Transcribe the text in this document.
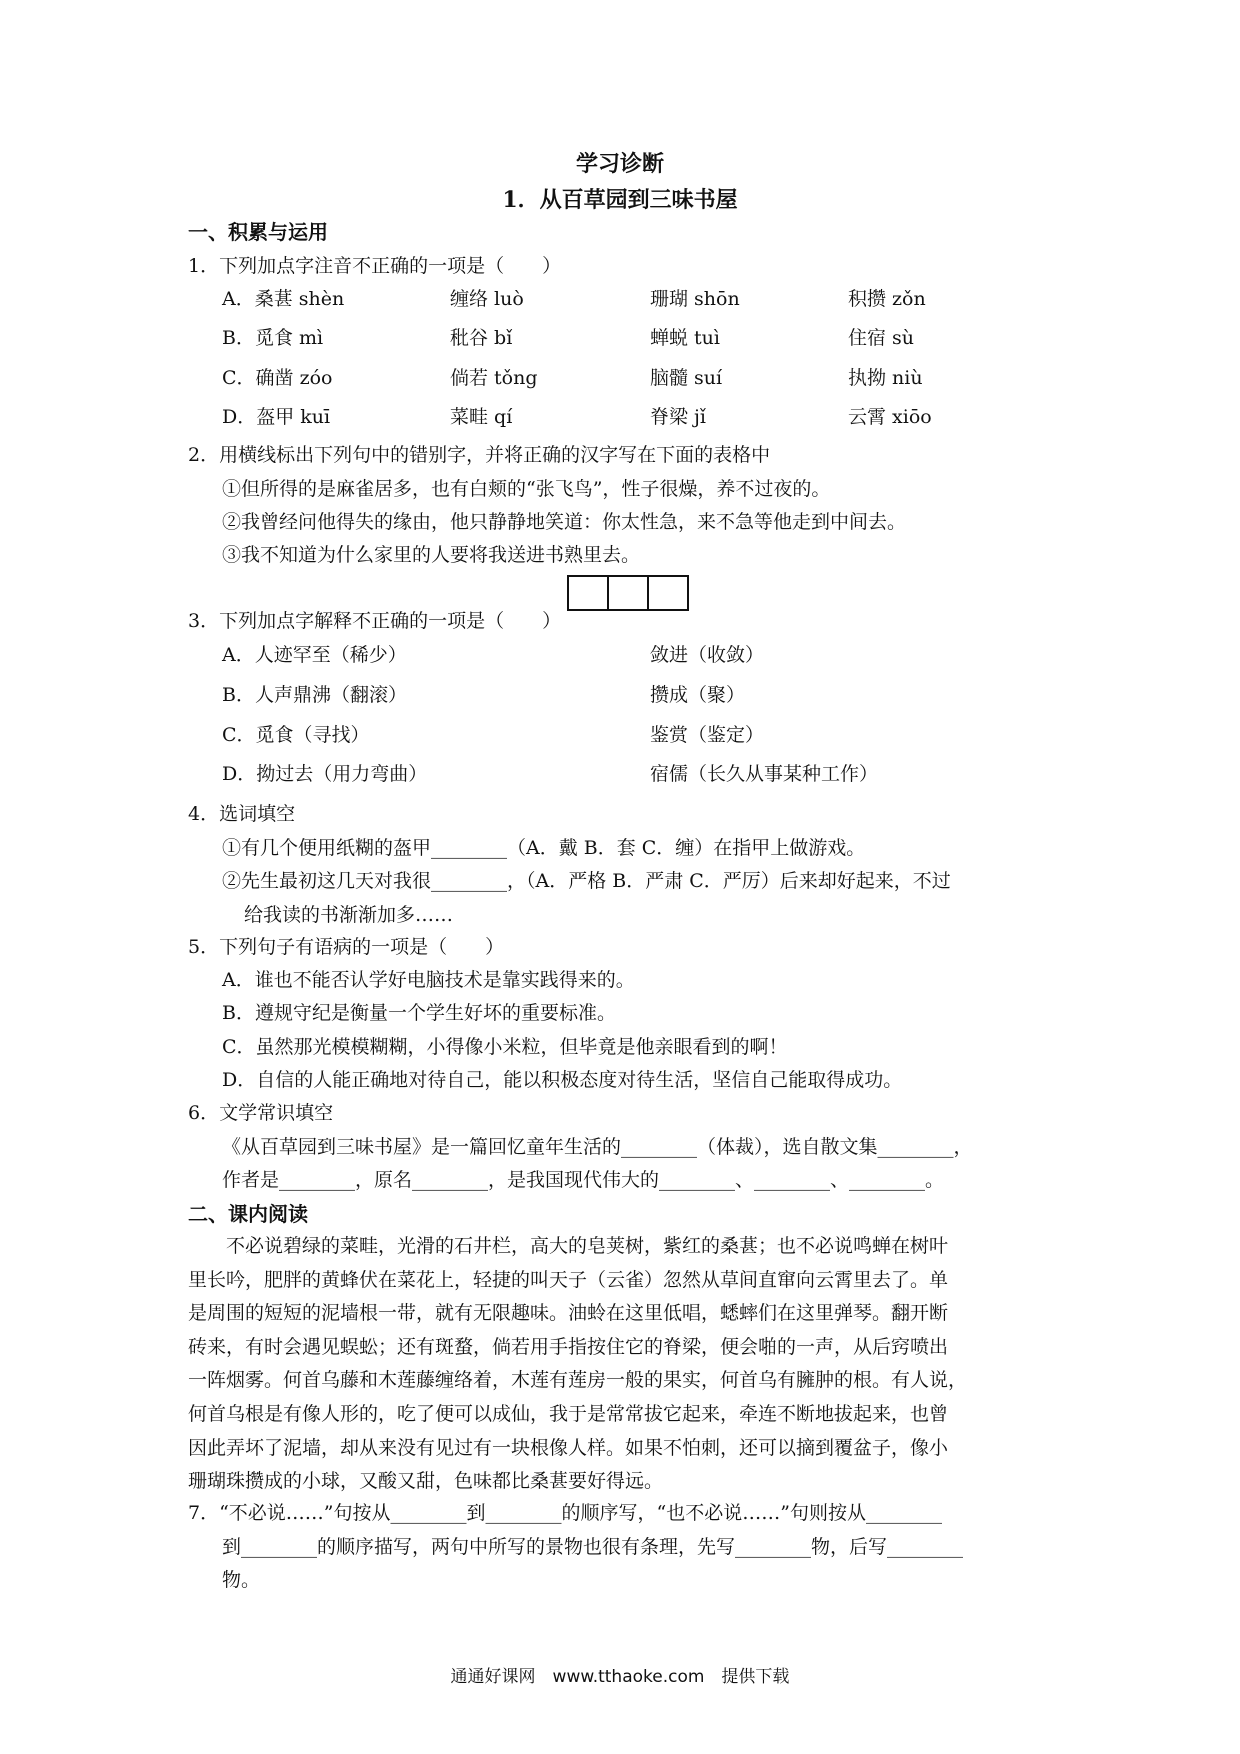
学习诊断
1．从百草园到三味书屋
一、积累与运用
1．下列加点字注音不正确的一项是（　　）
A．桑葚 shèn	缠络 luò	珊瑚 shōn	积攒 zǒn
B．觅食 mì	秕谷 bǐ	蝉蜕 tuì	住宿 sù
C．确凿 zóo	倘若 tǒng	脑髓 suí	执拗 niù
D．盔甲 kuī	菜畦 qí	脊梁 jǐ	云霄 xiōo
2．用横线标出下列句中的错别字，并将正确的汉字写在下面的表格中
①但所得的是麻雀居多，也有白颊的“张飞鸟”，性子很燥，养不过夜的。
②我曾经问他得失的缘由，他只静静地笑道：你太性急，来不急等他走到中间去。
③我不知道为什么家里的人要将我送进书熟里去。
3．下列加点字解释不正确的一项是（　　）
A．人迹罕至（稀少）	敛进（收敛）
B．人声鼎沸（翻滚）	攒成（聚）
C．觅食（寻找）	鉴赏（鉴定）
D．拗过去（用力弯曲）	宿儒（长久从事某种工作）
4．选词填空
①有几个便用纸糊的盔甲________（A．戴 B．套 C．缠）在指甲上做游戏。
②先生最初这几天对我很________，（A．严格 B．严肃 C．严厉）后来却好起来，不过
给我读的书渐渐加多……
5．下列句子有语病的一项是（　　）
A．谁也不能否认学好电脑技术是靠实践得来的。
B．遵规守纪是衡量一个学生好坏的重要标准。
C．虽然那光模模糊糊，小得像小米粒，但毕竟是他亲眼看到的啊！
D．自信的人能正确地对待自己，能以积极态度对待生活，坚信自己能取得成功。
6．文学常识填空
《从百草园到三味书屋》是一篇回忆童年生活的________（体裁），选自散文集________，
作者是________，原名________，是我国现代伟大的________、________、________。
二、课内阅读

不必说碧绿的菜畦，光滑的石井栏，高大的皂荚树，紫红的桑葚；也不必说鸣蝉在树叶

里长吟，肥胖的黄蜂伏在菜花上，轻捷的叫天子（云雀）忽然从草间直窜向云霄里去了。单

是周围的短短的泥墙根一带，就有无限趣味。油蛉在这里低唱，蟋蟀们在这里弹琴。翻开断

砖来，有时会遇见蜈蚣；还有斑蝥，倘若用手指按住它的脊梁，便会啪的一声，从后窍喷出

一阵烟雾。何首乌藤和木莲藤缠络着，木莲有莲房一般的果实，何首乌有臃肿的根。有人说，

何首乌根是有像人形的，吃了便可以成仙，我于是常常拔它起来，牵连不断地拔起来，也曾

因此弄坏了泥墙，却从来没有见过有一块根像人样。如果不怕刺，还可以摘到覆盆子，像小

珊瑚珠攒成的小球，又酸又甜，色味都比桑葚要好得远。

7．“不必说……”句按从________到________的顺序写，“也不必说……”句则按从________
到________的顺序描写，两句中所写的景物也很有条理，先写________物，后写________
物。
通通好课网　www.tthaoke.com　提供下载
